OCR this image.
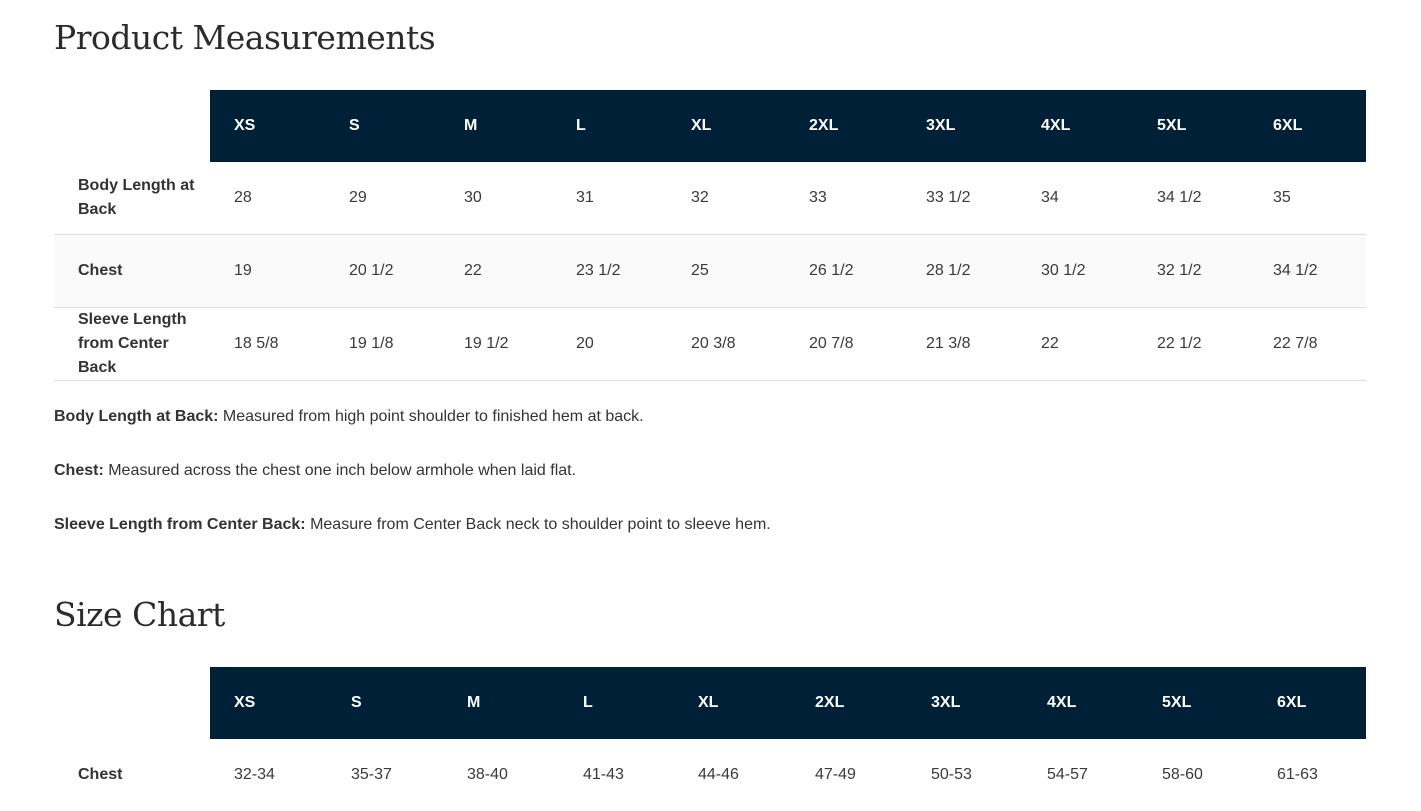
Product Measurements
	XS	S	M	L	XL	2XL	3XL	4XL	5XL	6XL
Body Length at Back	28	29	30	31	32	33	33 1/2	34	34 1/2	35
Chest	19	20 1/2	22	23 1/2	25	26 1/2	28 1/2	30 1/2	32 1/2	34 1/2
Sleeve Length from Center Back	18 5/8	19 1/8	19 1/2	20	20 3/8	20 7/8	21 3/8	22	22 1/2	22 7/8

Body Length at Back: Measured from high point shoulder to finished hem at back.

Chest: Measured across the chest one inch below armhole when laid flat.

Sleeve Length from Center Back: Measure from Center Back neck to shoulder point to sleeve hem.

Size Chart
	XS	S	M	L	XL	2XL	3XL	4XL	5XL	6XL
Chest	32-34	35-37	38-40	41-43	44-46	47-49	50-53	54-57	58-60	61-63
